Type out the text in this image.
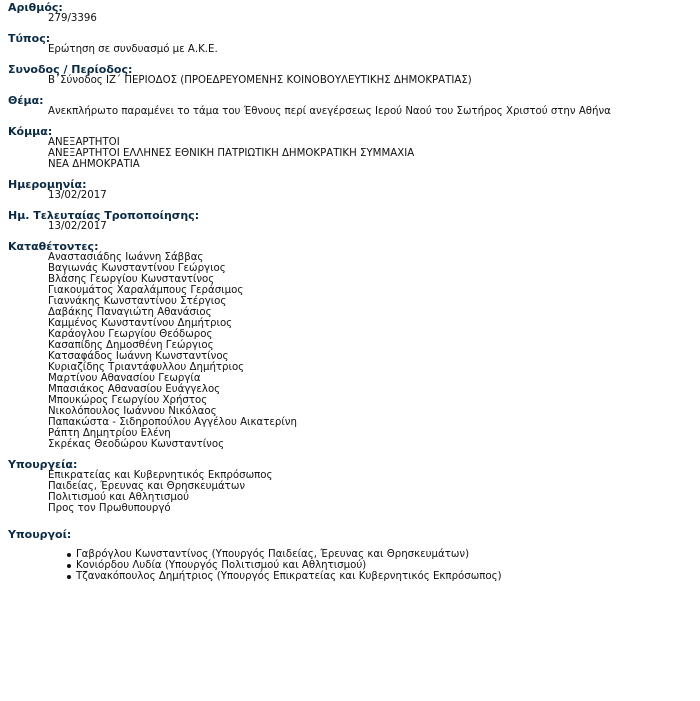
Αριθμός:
279/3396
Τύπος:
Ερώτηση σε συνδυασμό με Α.Κ.Ε.
Συνοδος / Περίοδος:
Β΄Σύνοδος ΙΖ΄ ΠΕΡΙΟΔΟΣ (ΠΡΟΕΔΡΕΥΟΜΕΝΗΣ ΚΟΙΝΟΒΟΥΛΕΥΤΙΚΗΣ ΔΗΜΟΚΡΑΤΙΑΣ)
Θέμα:
Ανεκπλήρωτο παραμένει το τάμα του Έθνους περί ανεγέρσεως Ιερού Ναού του Σωτήρος Χριστού στην Αθήνα
Κόμμα:
ΑΝΕΞΑΡΤΗΤΟΙ
ΑΝΕΞΑΡΤΗΤΟΙ ΕΛΛΗΝΕΣ ΕΘΝΙΚΗ ΠΑΤΡΙΩΤΙΚΗ ΔΗΜΟΚΡΑΤΙΚΗ ΣΥΜΜΑΧΙΑ
ΝΕΑ ΔΗΜΟΚΡΑΤΙΑ
Ημερομηνία:
13/02/2017
Ημ. Τελευταίας Τροποποίησης:
13/02/2017
Καταθέτοντες:
Αναστασιάδης Ιωάννη Σάββας
Βαγιωνάς Κωνσταντίνου Γεώργιος
Βλάσης Γεωργίου Κωνσταντίνος
Γιακουμάτος Χαραλάμπους Γεράσιμος
Γιαννάκης Κωνσταντίνου Στέργιος
Δαβάκης Παναγιώτη Αθανάσιος
Καμμένος Κωνσταντίνου Δημήτριος
Καράογλου Γεωργίου Θεόδωρος
Κασαπίδης Δημοσθένη Γεώργιος
Κατσαφάδος Ιωάννη Κωνσταντίνος
Κυριαζίδης Τριαντάφυλλου Δημήτριος
Μαρτίνου Αθανασίου Γεωργία
Μπασιάκος Αθανασίου Ευάγγελος
Μπουκώρος Γεωργίου Χρήστος
Νικολόπουλος Ιωάννου Νικόλαος
Παπακώστα - Σιδηροπούλου Αγγέλου Αικατερίνη
Ράπτη Δημητρίου Ελένη
Σκρέκας Θεοδώρου Κωνσταντίνος
Υπουργεία:
Επικρατείας και Κυβερνητικός Εκπρόσωπος
Παιδείας, Έρευνας και Θρησκευμάτων
Πολιτισμού και Αθλητισμού
Προς τον Πρωθυπουργό
Υπουργοί:
Γαβρόγλου Κωνσταντίνος (Υπουργός Παιδείας, Έρευνας και Θρησκευμάτων)
Κονιόρδου Λυδία (Υπουργός Πολιτισμού και Αθλητισμού)
Τζανακόπουλος Δημήτριος (Υπουργός Επικρατείας και Κυβερνητικός Εκπρόσωπος)
